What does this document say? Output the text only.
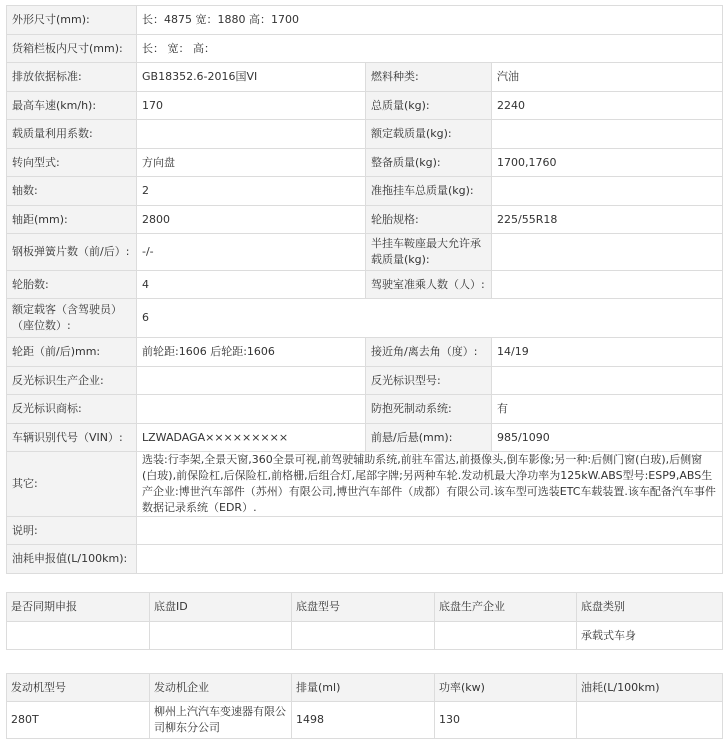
外形尺寸(mm):	长：4875 宽：1880 高：1700		
货箱栏板内尺寸(mm):	长： 宽： 高：		
排放依据标准:	GB18352.6-2016国VI	燃料种类:	汽油
最高车速(km/h):	170	总质量(kg):	2240
载质量利用系数:		额定载质量(kg):	
转向型式:	方向盘	整备质量(kg):	1700,1760
轴数:	2	准拖挂车总质量(kg):	
轴距(mm):	2800	轮胎规格:	225/55R18
钢板弹簧片数（前/后）:	-/-	半挂车鞍座最大允许承载质量(kg):	
轮胎数:	4	驾驶室准乘人数（人）:	
额定载客（含驾驶员）（座位数）:	6		
轮距（前/后)mm:	前轮距:1606 后轮距:1606	接近角/离去角（度）:	14/19
反光标识生产企业:		反光标识型号:	
反光标识商标:		防抱死制动系统:	有
车辆识别代号（VIN）:	LZWADAGA×××××××××	前悬/后悬(mm):	985/1090
其它:	选装:行李架,全景天窗,360全景可视,前驾驶辅助系统,前驻车雷达,前摄像头,倒车影像;另一种:后侧门窗(白玻),后侧窗(白玻),前保险杠,后保险杠,前格栅,后组合灯,尾部字牌;另两种车轮.发动机最大净功率为125kW.ABS型号:ESP9,ABS生产企业:博世汽车部件（苏州）有限公司,博世汽车部件（成都）有限公司.该车型可选装ETC车载装置.该车配备汽车事件数据记录系统（EDR）.		
说明:			
油耗申报值(L/100km):			
是否同期申报	底盘ID	底盘型号	底盘生产企业	底盘类别
				承载式车身
发动机型号	发动机企业	排量(ml)	功率(kw)	油耗(L/100km)
280T	柳州上汽汽车变速器有限公司柳东分公司	1498	130	
